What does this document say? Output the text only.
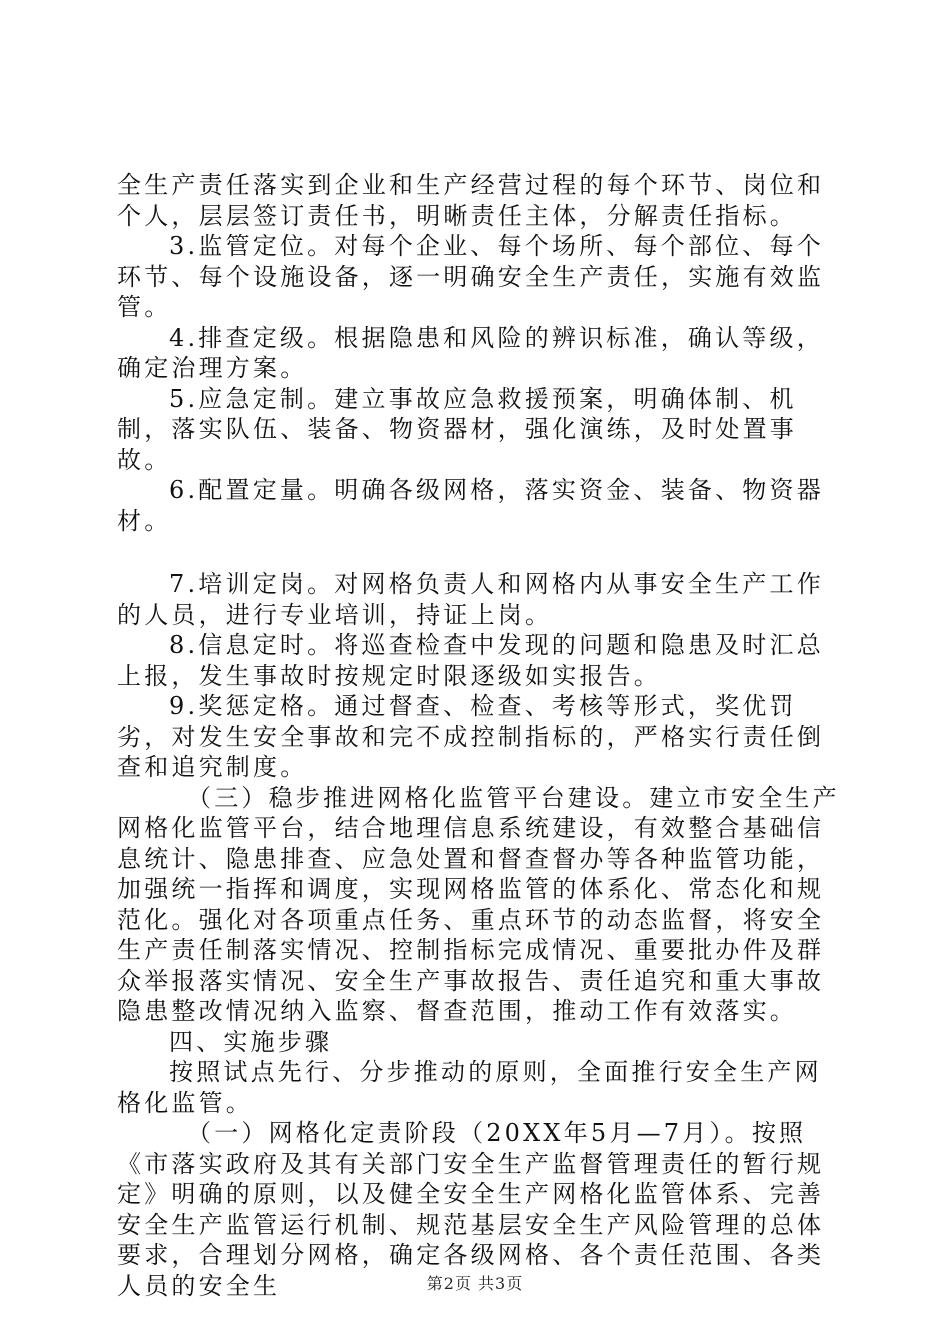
全生产责任落实到企业和生产经营过程的每个环节、岗位和个人，层层签订责任书，明晰责任主体，分解责任指标。

3.监管定位。对每个企业、每个场所、每个部位、每个环节、每个设施设备，逐一明确安全生产责任，实施有效监管。

4.排查定级。根据隐患和风险的辨识标准，确认等级，确定治理方案。

5.应急定制。建立事故应急救援预案，明确体制、机制，落实队伍、装备、物资器材，强化演练，及时处置事故。

6.配置定量。明确各级网格，落实资金、装备、物资器材。

7.培训定岗。对网格负责人和网格内从事安全生产工作的人员，进行专业培训，持证上岗。

8.信息定时。将巡查检查中发现的问题和隐患及时汇总上报，发生事故时按规定时限逐级如实报告。

9.奖惩定格。通过督查、检查、考核等形式，奖优罚劣，对发生安全事故和完不成控制指标的，严格实行责任倒查和追究制度。

（三）稳步推进网格化监管平台建设。建立市安全生产网格化监管平台，结合地理信息系统建设，有效整合基础信息统计、隐患排查、应急处置和督查督办等各种监管功能，加强统一指挥和调度，实现网格监管的体系化、常态化和规范化。强化对各项重点任务、重点环节的动态监督，将安全生产责任制落实情况、控制指标完成情况、重要批办件及群众举报落实情况、安全生产事故报告、责任追究和重大事故隐患整改情况纳入监察、督查范围，推动工作有效落实。

四、实施步骤

按照试点先行、分步推动的原则，全面推行安全生产网格化监管。

（一）网格化定责阶段（20XX年5月—7月）。按照《市落实政府及其有关部门安全生产监督管理责任的暂行规定》明确的原则，以及健全安全生产网格化监管体系、完善安全生产监管运行机制、规范基层安全生产风险管理的总体要求，合理划分网格，确定各级网格、各个责任范围、各类人员的安全生	第2页 共3页
